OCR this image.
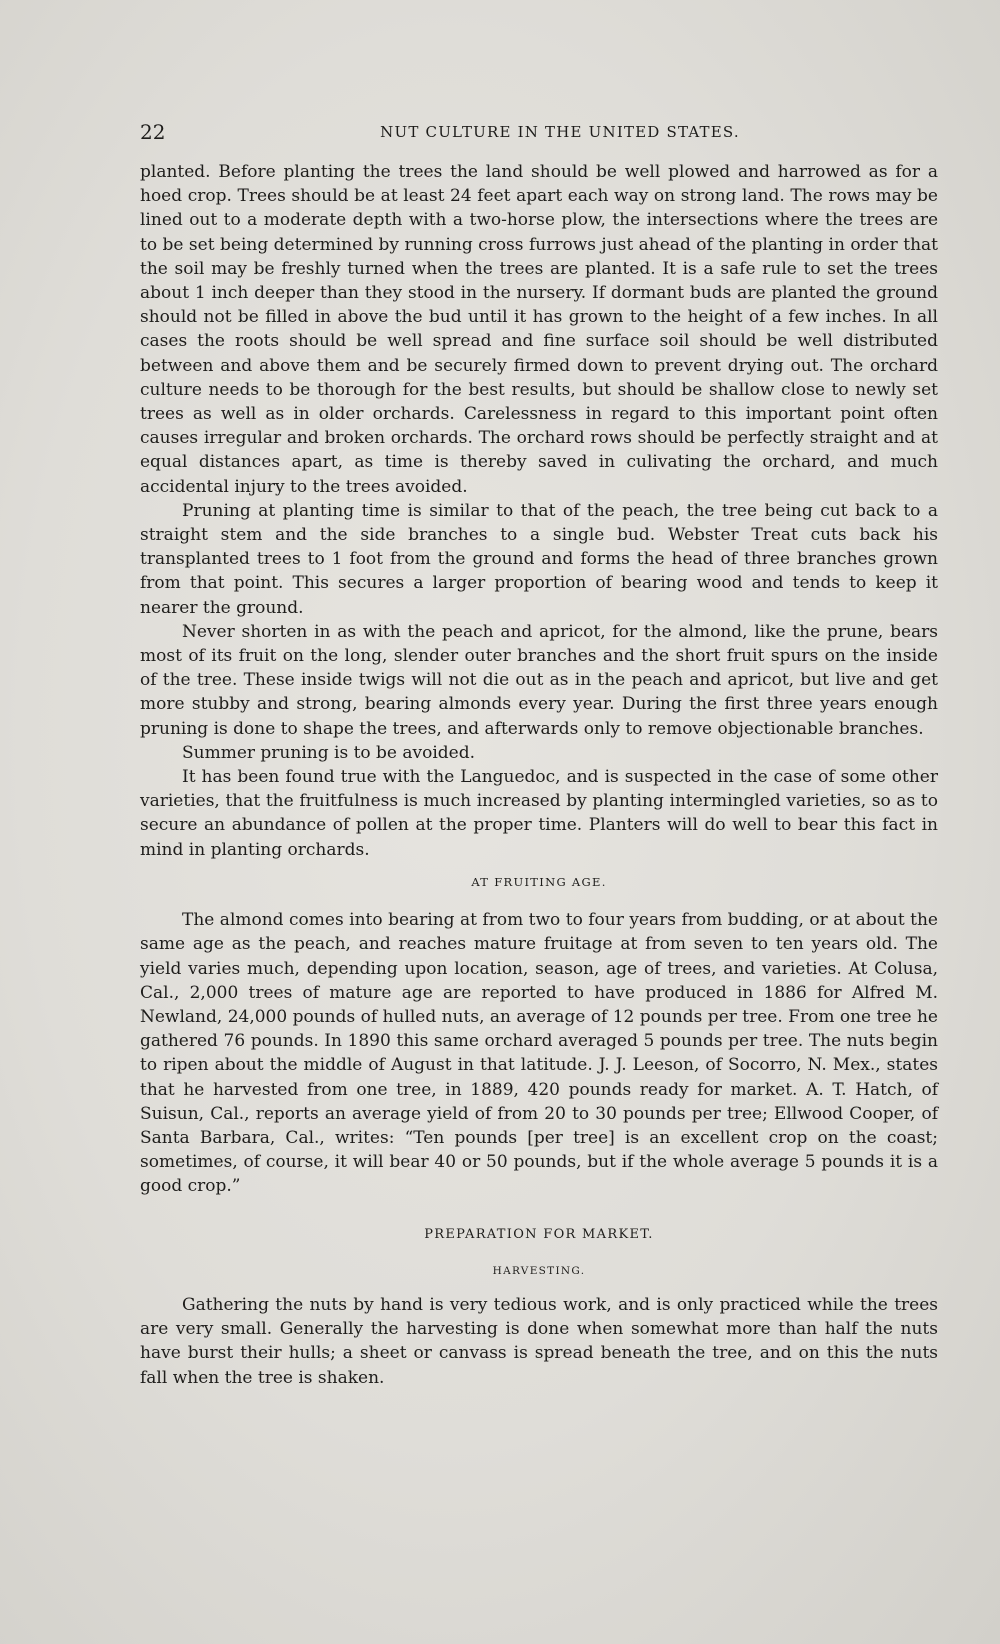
22	NUT CULTURE IN THE UNITED STATES.

planted. Before planting the trees the land should be well plowed and harrowed as for a hoed crop. Trees should be at least 24 feet apart each way on strong land. The rows may be lined out to a moderate depth with a two-horse plow, the intersections where the trees are to be set being determined by running cross furrows just ahead of the planting in order that the soil may be freshly turned when the trees are planted. It is a safe rule to set the trees about 1 inch deeper than they stood in the nursery. If dormant buds are planted the ground should not be filled in above the bud until it has grown to the height of a few inches. In all cases the roots should be well spread and fine surface soil should be well distributed between and above them and be securely firmed down to prevent drying out. The orchard culture needs to be thorough for the best results, but should be shallow close to newly set trees as well as in older orchards. Carelessness in regard to this important point often causes irregular and broken orchards. The orchard rows should be perfectly straight and at equal distances apart, as time is thereby saved in culivating the orchard, and much accidental injury to the trees avoided.

Pruning at planting time is similar to that of the peach, the tree being cut back to a straight stem and the side branches to a single bud. Webster Treat cuts back his transplanted trees to 1 foot from the ground and forms the head of three branches grown from that point. This secures a larger proportion of bearing wood and tends to keep it nearer the ground.

Never shorten in as with the peach and apricot, for the almond, like the prune, bears most of its fruit on the long, slender outer branches and the short fruit spurs on the inside of the tree. These inside twigs will not die out as in the peach and apricot, but live and get more stubby and strong, bearing almonds every year. During the first three years enough pruning is done to shape the trees, and afterwards only to remove objectionable branches.

Summer pruning is to be avoided.

It has been found true with the Languedoc, and is suspected in the case of some other varieties, that the fruitfulness is much increased by planting intermingled varieties, so as to secure an abundance of pollen at the proper time. Planters will do well to bear this fact in mind in planting orchards.

AT FRUITING AGE.

The almond comes into bearing at from two to four years from budding, or at about the same age as the peach, and reaches mature fruitage at from seven to ten years old. The yield varies much, depending upon location, season, age of trees, and varieties. At Colusa, Cal., 2,000 trees of mature age are reported to have produced in 1886 for Alfred M. Newland, 24,000 pounds of hulled nuts, an average of 12 pounds per tree. From one tree he gathered 76 pounds. In 1890 this same orchard averaged 5 pounds per tree. The nuts begin to ripen about the middle of August in that latitude. J. J. Leeson, of Socorro, N. Mex., states that he harvested from one tree, in 1889, 420 pounds ready for market. A. T. Hatch, of Suisun, Cal., reports an average yield of from 20 to 30 pounds per tree; Ellwood Cooper, of Santa Barbara, Cal., writes: “Ten pounds [per tree] is an excellent crop on the coast; sometimes, of course, it will bear 40 or 50 pounds, but if the whole average 5 pounds it is a good crop.”

PREPARATION FOR MARKET.
HARVESTING.

Gathering the nuts by hand is very tedious work, and is only practiced while the trees are very small. Generally the harvesting is done when somewhat more than half the nuts have burst their hulls; a sheet or canvass is spread beneath the tree, and on this the nuts fall when the tree is shaken.
